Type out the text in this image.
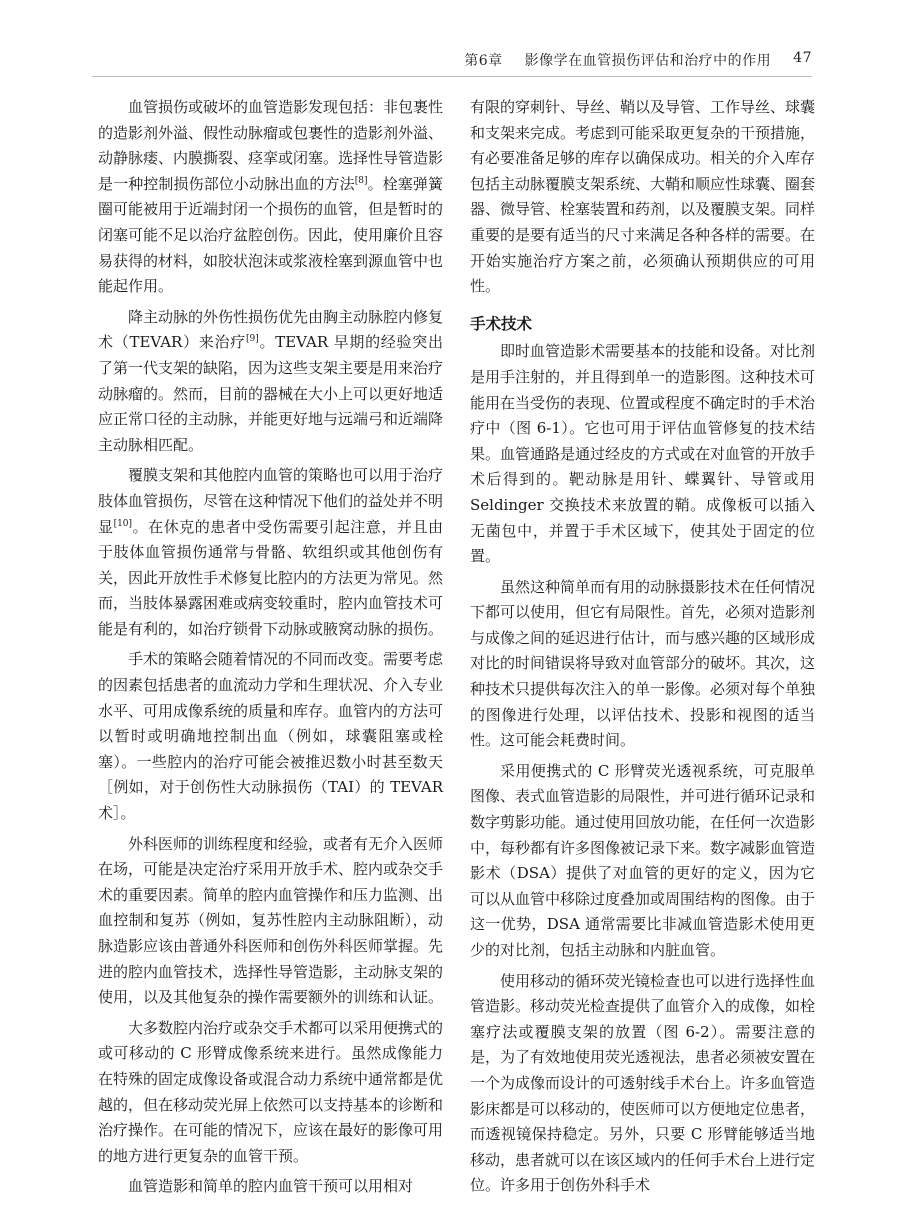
第6章 影像学在血管损伤评估和治疗中的作用 47

血管损伤或破坏的血管造影发现包括：非包裹性的造影剂外溢、假性动脉瘤或包裹性的造影剂外溢、动静脉瘘、内膜撕裂、痉挛或闭塞。选择性导管造影是一种控制损伤部位小动脉出血的方法[8]。栓塞弹簧圈可能被用于近端封闭一个损伤的血管，但是暂时的闭塞可能不足以治疗盆腔创伤。因此，使用廉价且容易获得的材料，如胶状泡沫或浆液栓塞到源血管中也能起作用。

降主动脉的外伤性损伤优先由胸主动脉腔内修复术（TEVAR）来治疗[9]。TEVAR 早期的经验突出了第一代支架的缺陷，因为这些支架主要是用来治疗动脉瘤的。然而，目前的器械在大小上可以更好地适应正常口径的主动脉，并能更好地与远端弓和近端降主动脉相匹配。

覆膜支架和其他腔内血管的策略也可以用于治疗肢体血管损伤，尽管在这种情况下他们的益处并不明显[10]。在休克的患者中受伤需要引起注意，并且由于肢体血管损伤通常与骨骼、软组织或其他创伤有关，因此开放性手术修复比腔内的方法更为常见。然而，当肢体暴露困难或病变较重时，腔内血管技术可能是有利的，如治疗锁骨下动脉或腋窝动脉的损伤。

手术的策略会随着情况的不同而改变。需要考虑的因素包括患者的血流动力学和生理状况、介入专业水平、可用成像系统的质量和库存。血管内的方法可以暂时或明确地控制出血（例如，球囊阻塞或栓塞）。一些腔内的治疗可能会被推迟数小时甚至数天［例如，对于创伤性大动脉损伤（TAI）的 TEVAR 术］。

外科医师的训练程度和经验，或者有无介入医师在场，可能是决定治疗采用开放手术、腔内或杂交手术的重要因素。简单的腔内血管操作和压力监测、出血控制和复苏（例如，复苏性腔内主动脉阻断），动脉造影应该由普通外科医师和创伤外科医师掌握。先进的腔内血管技术，选择性导管造影，主动脉支架的使用，以及其他复杂的操作需要额外的训练和认证。

大多数腔内治疗或杂交手术都可以采用便携式的或可移动的 C 形臂成像系统来进行。虽然成像能力在特殊的固定成像设备或混合动力系统中通常都是优越的，但在移动荧光屏上依然可以支持基本的诊断和治疗操作。在可能的情况下，应该在最好的影像可用的地方进行更复杂的血管干预。

血管造影和简单的腔内血管干预可以用相对

有限的穿刺针、导丝、鞘以及导管、工作导丝、球囊和支架来完成。考虑到可能采取更复杂的干预措施，有必要准备足够的库存以确保成功。相关的介入库存包括主动脉覆膜支架系统、大鞘和顺应性球囊、圈套器、微导管、栓塞装置和药剂，以及覆膜支架。同样重要的是要有适当的尺寸来满足各种各样的需要。在开始实施治疗方案之前，必须确认预期供应的可用性。

手术技术

即时血管造影术需要基本的技能和设备。对比剂是用手注射的，并且得到单一的造影图。这种技术可能用在当受伤的表现、位置或程度不确定时的手术治疗中（图 6-1）。它也可用于评估血管修复的技术结果。血管通路是通过经皮的方式或在对血管的开放手术后得到的。靶动脉是用针、蝶翼针、导管或用 Seldinger 交换技术来放置的鞘。成像板可以插入无菌包中，并置于手术区域下，使其处于固定的位置。

虽然这种简单而有用的动脉摄影技术在任何情况下都可以使用，但它有局限性。首先，必须对造影剂与成像之间的延迟进行估计，而与感兴趣的区域形成对比的时间错误将导致对血管部分的破坏。其次，这种技术只提供每次注入的单一影像。必须对每个单独的图像进行处理，以评估技术、投影和视图的适当性。这可能会耗费时间。

采用便携式的 C 形臂荧光透视系统，可克服单图像、表式血管造影的局限性，并可进行循环记录和数字剪影功能。通过使用回放功能，在任何一次造影中，每秒都有许多图像被记录下来。数字减影血管造影术（DSA）提供了对血管的更好的定义，因为它可以从血管中移除过度叠加或周围结构的图像。由于这一优势，DSA 通常需要比非减血管造影术使用更少的对比剂，包括主动脉和内脏血管。

使用移动的循环荧光镜检查也可以进行选择性血管造影。移动荧光检查提供了血管介入的成像，如栓塞疗法或覆膜支架的放置（图 6-2）。需要注意的是，为了有效地使用荧光透视法，患者必须被安置在一个为成像而设计的可透射线手术台上。许多血管造影床都是可以移动的，使医师可以方便地定位患者，而透视镜保持稳定。另外，只要 C 形臂能够适当地移动，患者就可以在该区域内的任何手术台上进行定位。许多用于创伤外科手术
